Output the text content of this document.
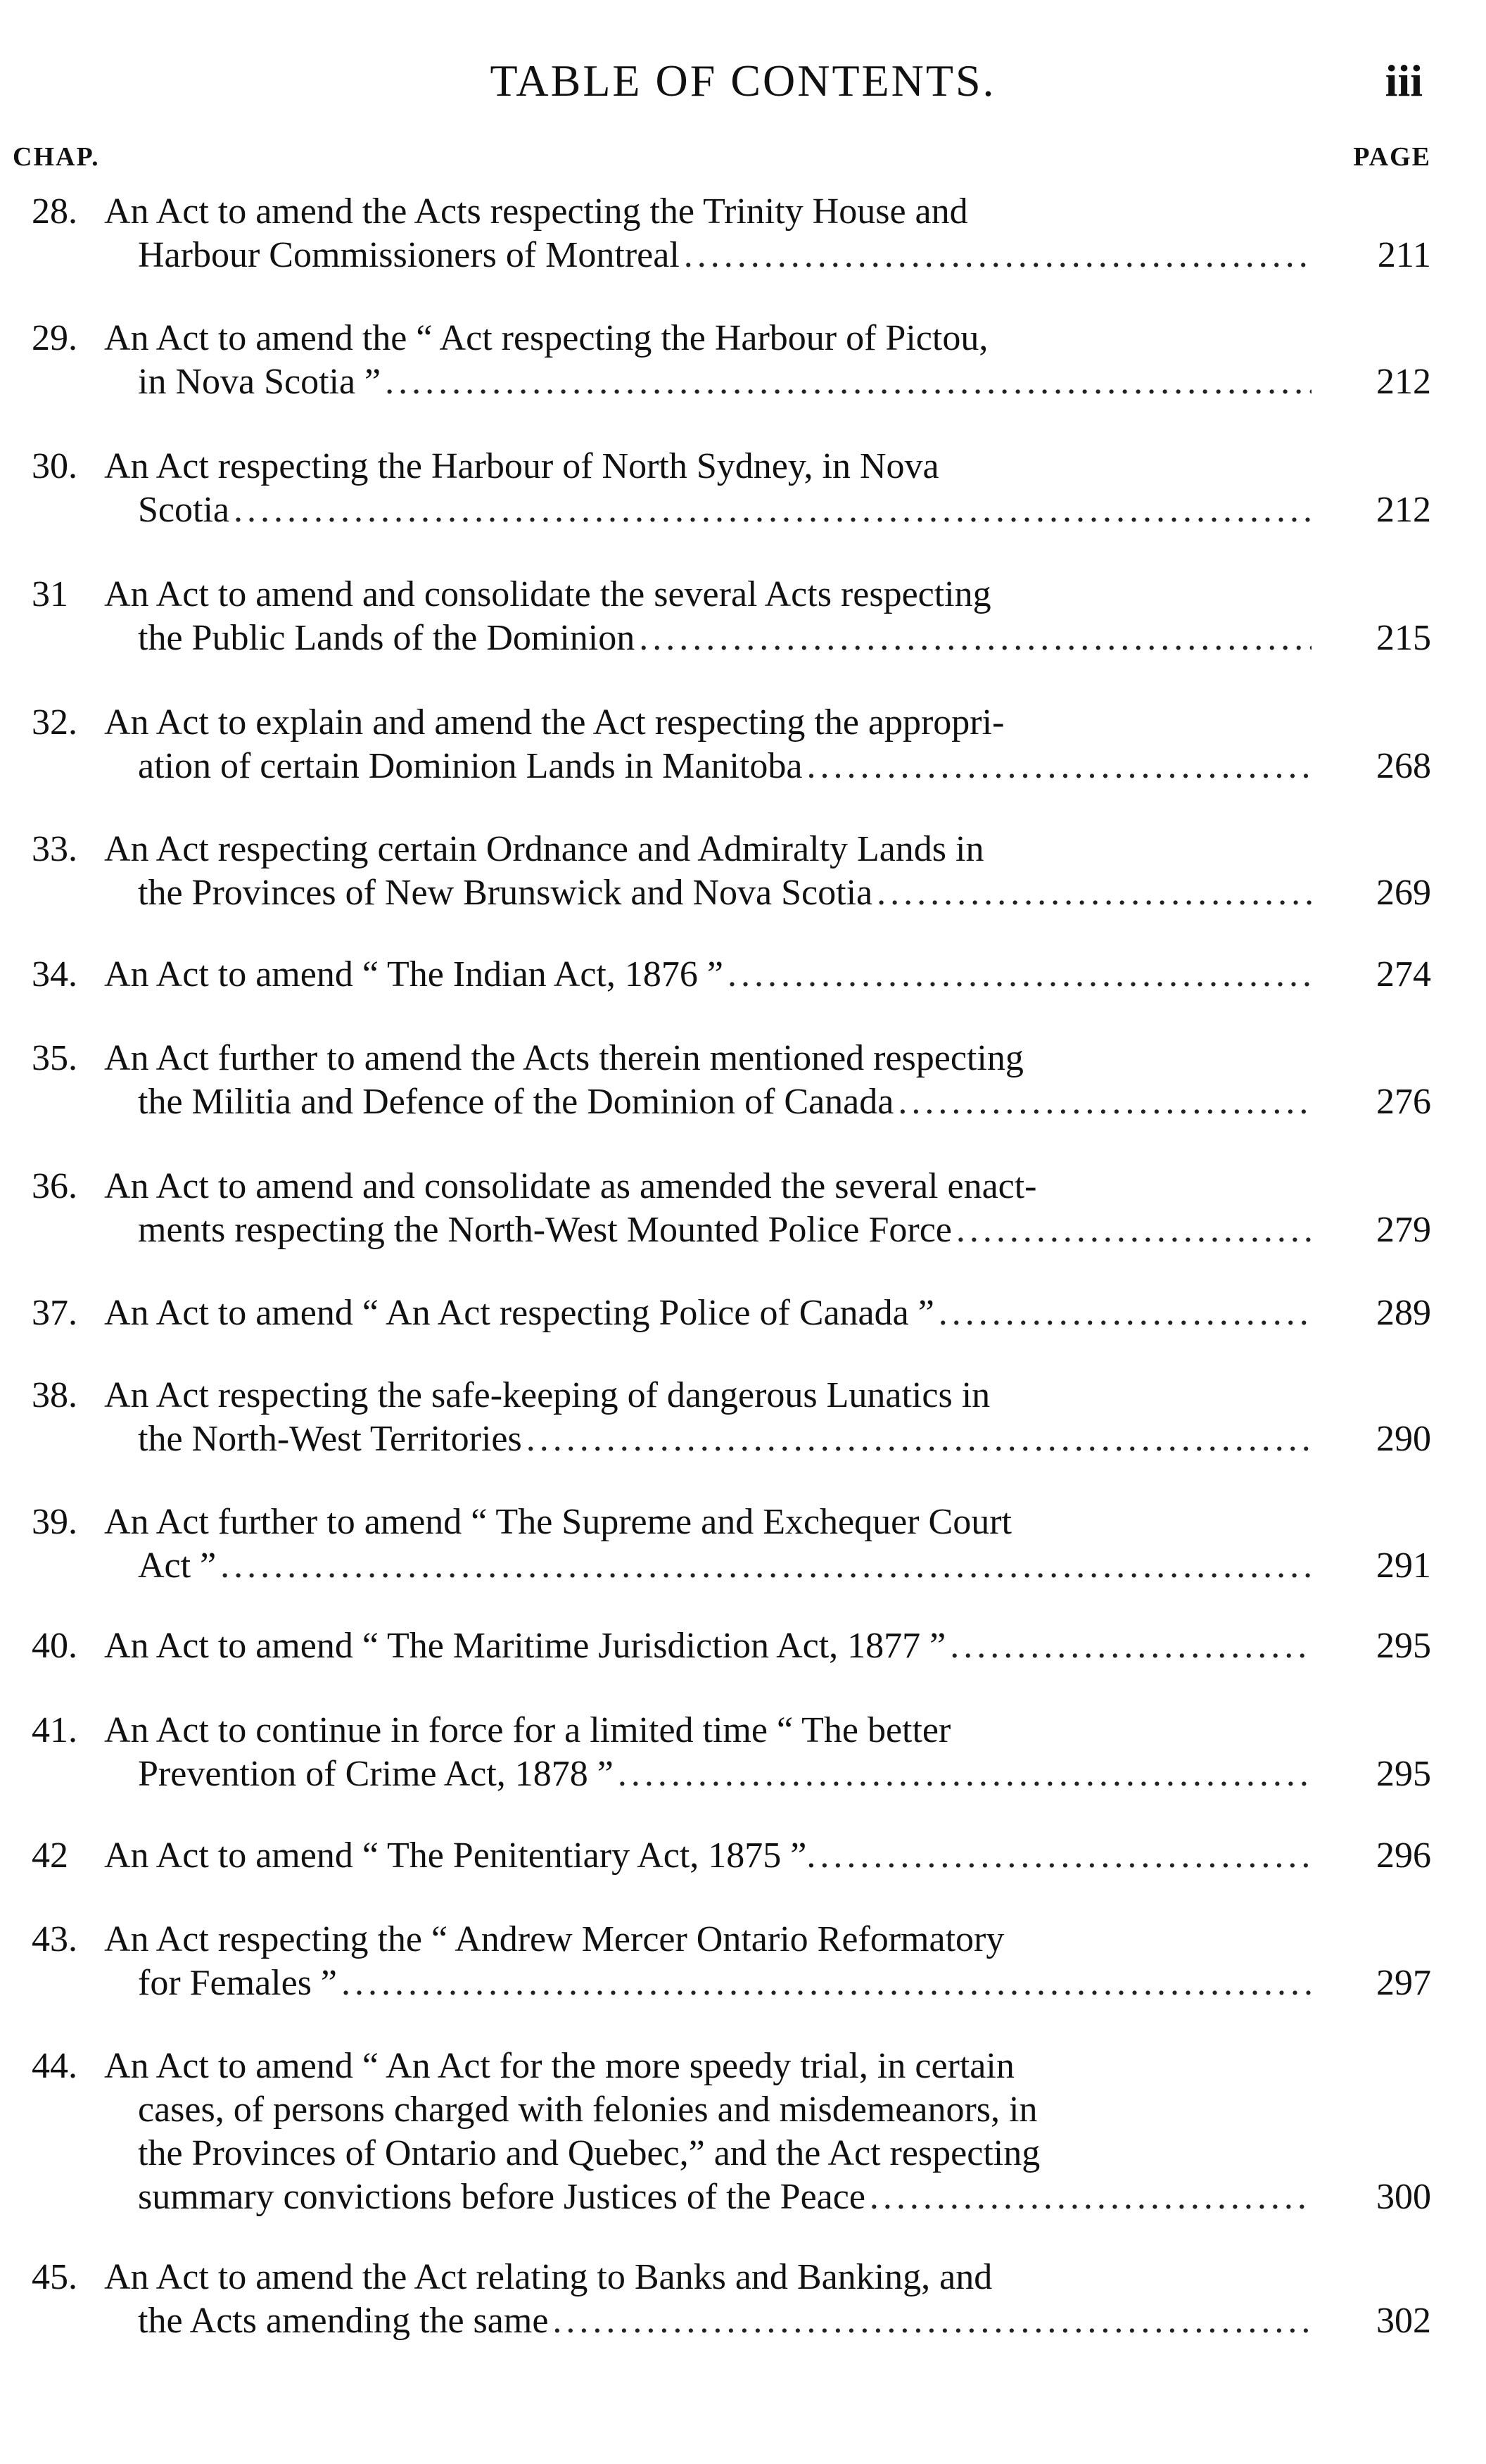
TABLE OF CONTENTS.	iii
CHAP.	PAGE
28. An Act to amend the Acts respecting the Trinity House and
Harbour Commissioners of Montreal .....	211
29. An Act to amend the “ Act respecting the Harbour of Pictou,
in Nova Scotia ” .....	212
30. An Act respecting the Harbour of North Sydney, in Nova
Scotia .....	212
31 An Act to amend and consolidate the several Acts respecting
the Public Lands of the Dominion .....	215
32. An Act to explain and amend the Act respecting the appropri-
ation of certain Dominion Lands in Manitoba .....	268
33. An Act respecting certain Ordnance and Admiralty Lands in
the Provinces of New Brunswick and Nova Scotia .....	269
34. An Act to amend “ The Indian Act, 1876 ” .....	274
35. An Act further to amend the Acts therein mentioned respecting
the Militia and Defence of the Dominion of Canada .....	276
36. An Act to amend and consolidate as amended the several enact-
ments respecting the North-West Mounted Police Force .....	279
37. An Act to amend “ An Act respecting Police of Canada ” .....	289
38. An Act respecting the safe-keeping of dangerous Lunatics in
the North-West Territories .....	290
39. An Act further to amend “ The Supreme and Exchequer Court
Act ” .....	291
40. An Act to amend “ The Maritime Jurisdiction Act, 1877 ” .....	295
41. An Act to continue in force for a limited time “ The better
Prevention of Crime Act, 1878 ” .....	295
42 An Act to amend “ The Penitentiary Act, 1875 ”. .....	296
43. An Act respecting the “ Andrew Mercer Ontario Reformatory
for Females ” .....	297
44. An Act to amend “ An Act for the more speedy trial, in certain
cases, of persons charged with felonies and misdemeanors, in
the Provinces of Ontario and Quebec,” and the Act respecting
summary convictions before Justices of the Peace .....	300
45. An Act to amend the Act relating to Banks and Banking, and
the Acts amending the same .....	302
